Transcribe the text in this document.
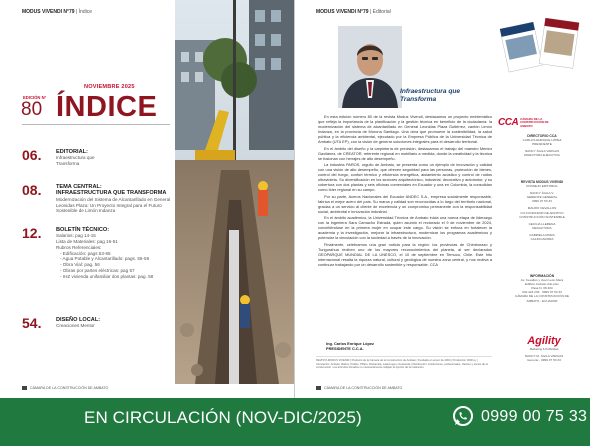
MODUS VIVENDI N°79 | Índice
NOVIEMBRE 2025
EDICIÓN N°
80 ÍNDICE
06.	EDITORIAL:
Infraestructura que
Transforma
08.	TEMA CENTRAL:
INFRAESTRUCTURA QUE TRANSFORMA
Modernización del Sistema de Alcantarillado en General
Leonidas Plaza: Un Proyecto Integral para el Futuro
Sostenible de Limón Indanza
12.	BOLETÍN TÉCNICO:
Salarios: pag 14-15
Lista de Materiales: pag 16-51
Rubros Referenciales:
- Edificación: pags 53-55
- Agua Potable y Alcantarillado: pags. 55-56
- Obra Vial: pag. 56
- Obras por partes eléctricas: pag 57
- IHZ vivienda unifamiliar dos plantas: pag. 58
54.	DISEÑO LOCAL:
Creaciones Mentor
CÁMARA DE LA CONSTRUCCIÓN DE AMBATO
MODUS VIVENDI N°79 | Editorial
Infraestructura que Transforma

En esta edición número 80 de la revista Modus Vivendi, destacamos un proyecto emblemático que refleja la importancia de la planificación y la gestión técnica en beneficio de la ciudadanía: la modernización del sistema de alcantarillado en General Leonidas Plaza Gutiérrez, cantón Limón Indanza, en la provincia de Morona Santiago. Una obra que promueve la sostenibilidad, la salud pública y la eficiencia ambiental, ejecutado por la Empresa Pública de la Universidad Técnica de Ambato (UTA EP), con la visión de generar soluciones integrales para el desarrollo territorial.

En el ámbito del diseño y la carpintería de precisión, destacamos el trabajo del maestro Mentor Gavilánez, de CREATOR, referente regional en mobiliario a medida, donde la creatividad y la técnica se fusionan con herrajes de alto desempeño.

La industria PAROS, orgullo de Ambato, se presenta como un ejemplo de innovación y calidad con una visión de alto desempeño, que ofrecen seguridad para las personas, protección de bienes, control del fuego, confort térmico y eficiencia energética, aislamiento acústico y control de ruidos ultravioleta. Su diversificación en los sectores arquitectónico, industrial, decorativo y automotor, y su cobertura con dos plantas y seis oficinas comerciales en Ecuador y una en Colombia, la consolidan como líder regional en su campo.

Por su parte, Aceros Nacionales del Ecuador ANDEC S.A., empresa socialmente responsable, fabrica el mejor acero del país. Su marca y calidad son reconocidas a lo largo del territorio nacional, gracias a un servicio al cliente de excelencia y un compromiso permanente con la responsabilidad social, ambiental e innovación industrial.

En el ámbito académico, la Universidad Técnica de Ambato inicia una nueva etapa de liderazgo con la ingeniera Sara Camacho Estrada, quien asumió el rectorado el 9 de noviembre de 2024, convirtiéndose en la primera mujer en ocupar este cargo. Su visión se enfoca en fortalecer la academia y la investigación, mejorar la infraestructura, modernizar los programas académicos y potenciar la vinculación con la sociedad a través de la innovación.

Finalmente, celebramos una gran noticia para la región: los provincias de Chimborazo y Tungurahua reciben uno de los mayores reconocimientos del planeta, al ser declarados GEOPARQUE MUNDIAL DE LA UNESCO, el 10 de septiembre en Temuco, Chile. Este hito internacional resalta la riqueza natural, cultural y geológica de nuestra zona central, y nos motiva a continuar trabajando por un desarrollo sostenible y responsable. CCA

Ing. Carlos Enrique López
PRESIDENTE C.C.A.
REVISTA MODUS VIVENDI | Producto de la Cámara de la Construcción de Ambato | Fundada en enero de 2004 | Producción 3000 ej. | Circulación: Ambato, Baños, Pelileo, Píllaro, Riobamba, Latacunga y Guaranda | Distribución: instituciones, profesionales, clientes y socios de la construcción. Los artículos firmados no necesariamente reflejan la opinión de la institución.
CÁMARA DE LA CONSTRUCCIÓN DE AMBATO
CCA CÁMARA DE LA CONSTRUCCIÓN DE AMBATO
DIRECTORIO CCA
CARLOS ENRIQUE LÓPEZ
PRESIDENTE
NANCY ÁGILA VARGAS
DIRECTORA EJECUTIVA
REVISTA MODUS VIVENDI
CONSEJO EDITORIAL
NANCY ÁGILA V.
GERENTE GENERAL
0999 07 53 33
MAURO CEVALLOS
CO-FUNDADOR DE ARCHIVO
CONSTRUCCIÓN SOSTENIBLE
CECILIA LLERENA
REDACTORA
GABRIELA MORA
CALIFICADORA
INFORMACIÓN
Av. Cevallos y Juan León Mera
Edificio Ambato 2do piso
Pasa N. 08 404
032 424 236 · 0999 07 53 33
CÁMARA DE LA CONSTRUCCIÓN DE
AMBATO - ECUADOR
Agility
Marketing & Publicidad
NANCY M. ÁGILA VARGAS
Gerente - 0999 07 53 33
EN CIRCULACIÓN (NOV-DIC/2025)	0999 00 75 33
